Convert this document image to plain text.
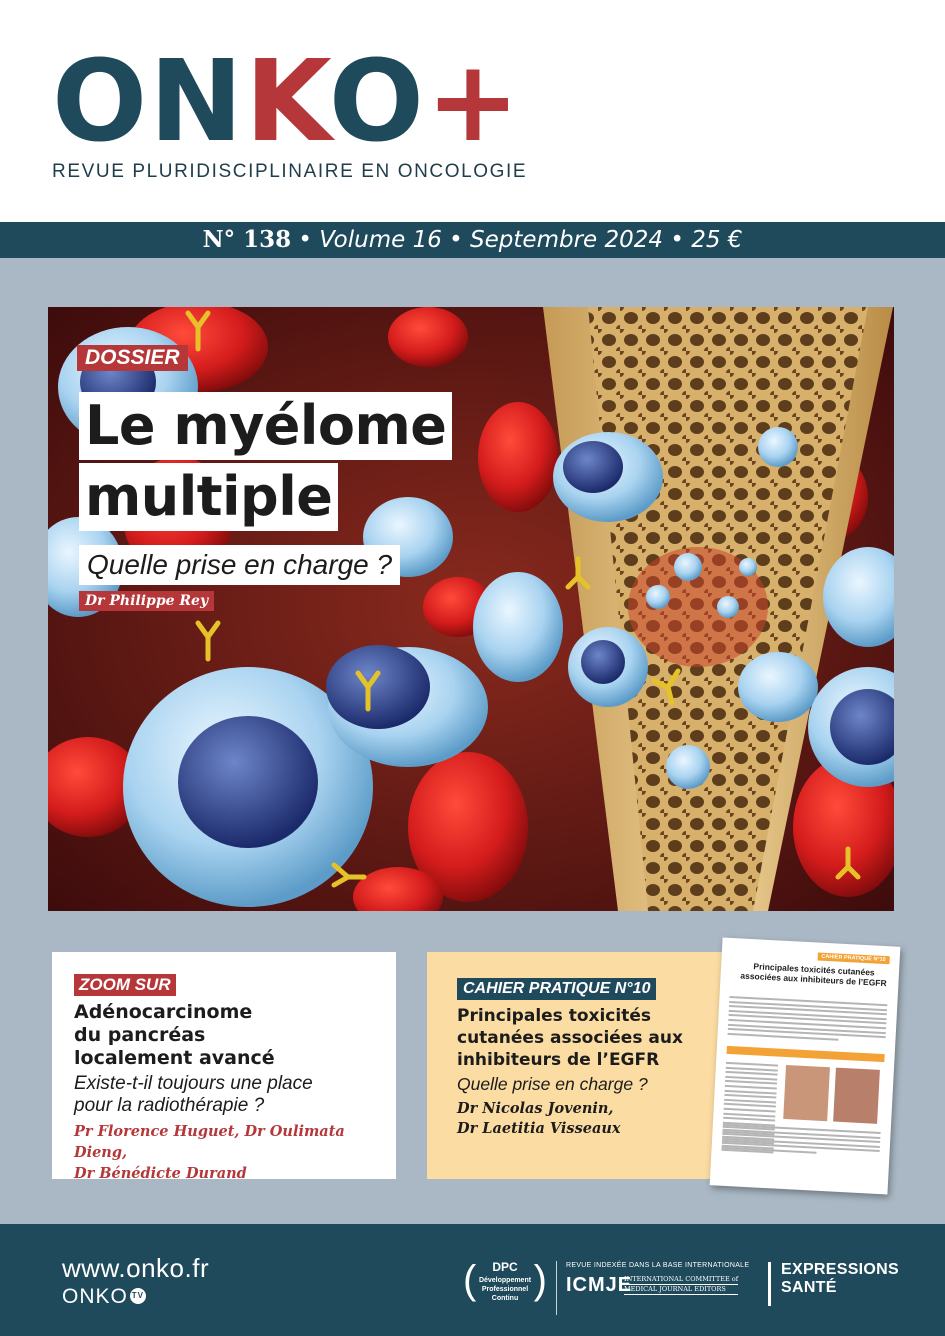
ONKO+
REVUE PLURIDISCIPLINAIRE EN ONCOLOGIE
N° 138 • Volume 16 • Septembre 2024 • 25 €
DOSSIER
Le myélome
multiple
Quelle prise en charge ?
Dr Philippe Rey
ZOOM SUR
Adénocarcinome
du pancréas
localement avancé
Existe-t-il toujours une place
pour la radiothérapie ?
Pr Florence Huguet, Dr Oulimata Dieng,
Dr Bénédicte Durand
CAHIER PRATIQUE N°10
Principales toxicités
cutanées associées aux
inhibiteurs de l’EGFR
Quelle prise en charge ?
Dr Nicolas Jovenin,
Dr Laetitia Visseaux
CAHIER PRATIQUE N°10
Principales toxicités cutanées associées aux inhibiteurs de l’EGFR
www.onko.fr
ONKO TV	(	DPC
Développement
Professionnel
Continu )	REVUE INDEXÉE DANS LA BASE INTERNATIONALE
ICMJE
INTERNATIONAL COMMITTEE of
MEDICAL JOURNAL EDITORS
EXPRESSIONS
SANTÉ
